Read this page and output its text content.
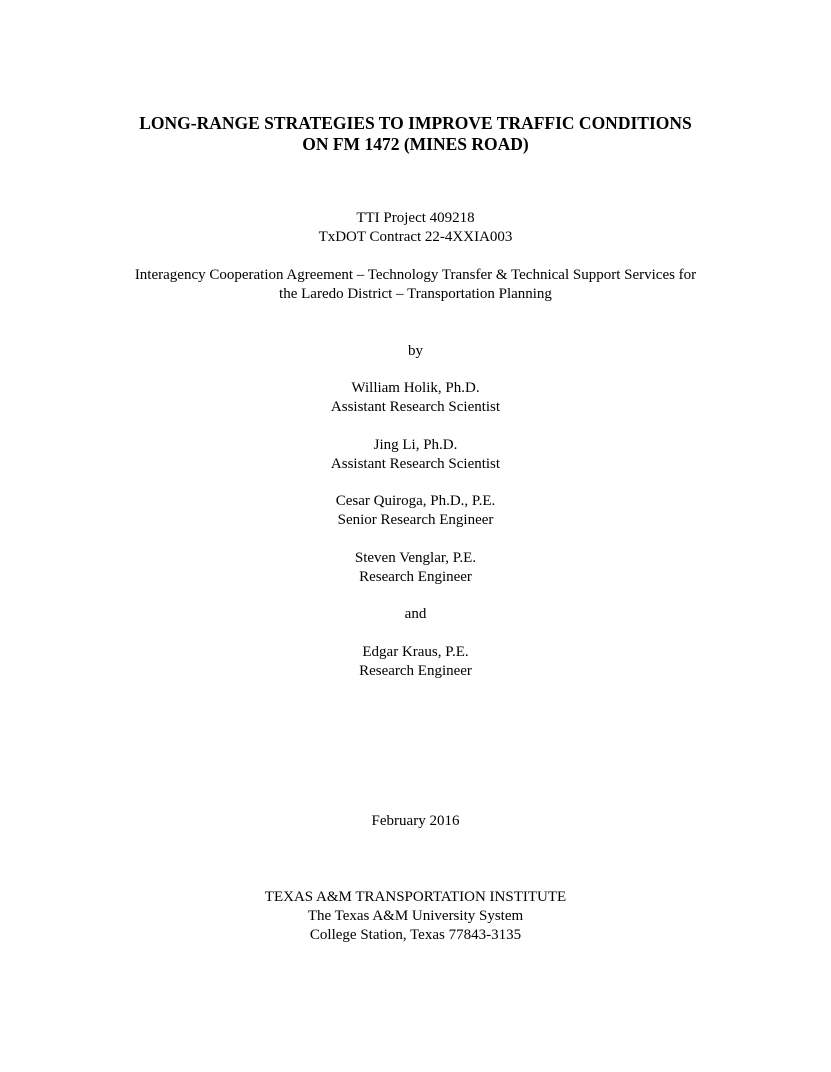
LONG-RANGE STRATEGIES TO IMPROVE TRAFFIC CONDITIONS
ON FM 1472 (MINES ROAD)
TTI Project 409218
TxDOT Contract 22-4XXIA003
Interagency Cooperation Agreement – Technology Transfer & Technical Support Services for
the Laredo District – Transportation Planning
by
William Holik, Ph.D.
Assistant Research Scientist
Jing Li, Ph.D.
Assistant Research Scientist
Cesar Quiroga, Ph.D., P.E.
Senior Research Engineer
Steven Venglar, P.E.
Research Engineer
and
Edgar Kraus, P.E.
Research Engineer
February 2016
TEXAS A&M TRANSPORTATION INSTITUTE
The Texas A&M University System
College Station, Texas 77843-3135
